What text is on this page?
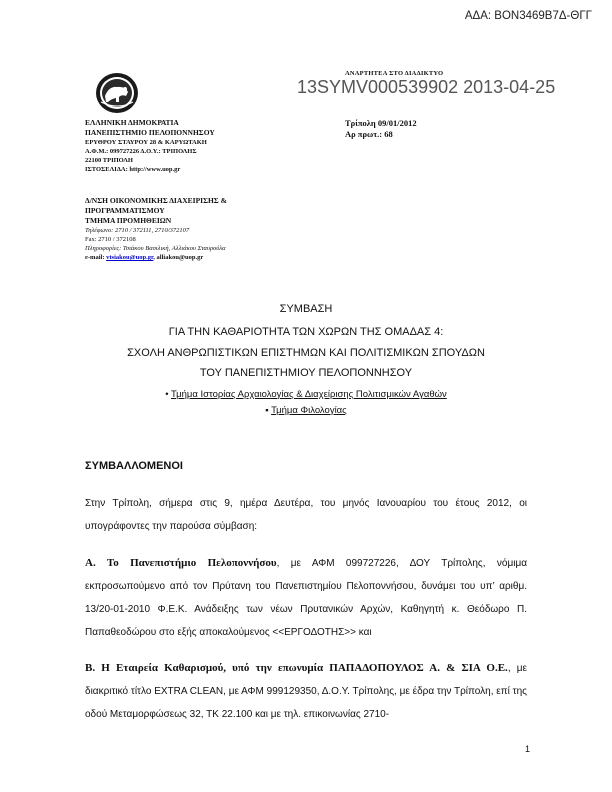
ΑΔΑ: ΒΟΝ3469Β7Δ-ΘΓΓ
ΑΝΑΡΤΗΤΕΑ ΣΤΟ ΔΙΑΔΙΚΤΥΟ
13SYMV000539902 2013-04-25
ΕΛΛΗΝΙΚΗ ΔΗΜΟΚΡΑΤΙΑ
ΠΑΝΕΠΙΣΤΗΜΙΟ ΠΕΛΟΠΟΝΝΗΣΟΥ
ΕΡΥΘΡΟΥ ΣΤΑΥΡΟΥ 28 & ΚΑΡΥΩΤΑΚΗ
Α.Φ.Μ.: 099727226 Δ.Ο.Υ.: ΤΡΙΠΟΛΗΣ
22100 ΤΡΙΠΟΛΗ
ΙΣΤΟΣΕΛΙΔΑ: http://www.uop.gr
Τρίπολη 09/01/2012
Αρ πρωτ.: 68
Δ/ΝΣΗ ΟΙΚΟΝΟΜΙΚΗΣ ΔΙΑΧΕΙΡΙΣΗΣ &
ΠΡΟΓΡΑΜΜΑΤΙΣΜΟΥ
ΤΜΗΜΑ ΠΡΟΜΗΘΕΙΩΝ
Τηλέφωνο: 2710 / 372111, 2710/372107
Fax: 2710 / 372108
Πληροφορίες: Τσιάκου Βασιλική, Αλλιάκου Σταυρούλα
e-mail: vtsiakou@uop.gr, alliakou@uop.gr
ΣΥΜΒΑΣΗ
ΓΙΑ ΤΗΝ ΚΑΘΑΡΙΟΤΗΤΑ ΤΩΝ ΧΩΡΩΝ ΤΗΣ ΟΜΑΔΑΣ 4:
ΣΧΟΛΗ ΑΝΘΡΩΠΙΣΤΙΚΩΝ ΕΠΙΣΤΗΜΩΝ ΚΑΙ ΠΟΛΙΤΙΣΜΙΚΩΝ ΣΠΟΥΔΩΝ
ΤΟΥ ΠΑΝΕΠΙΣΤΗΜΙΟΥ ΠΕΛΟΠΟΝΝΗΣΟΥ
• Τμήμα Ιστορίας Αρχαιολογίας & Διαχείρισης Πολιτισμικών Αγαθών
▪ Τμήμα Φιλολογίας
ΣΥΜΒΑΛΛΟΜΕΝΟΙ
Στην Τρίπολη, σήμερα στις 9, ημέρα Δευτέρα, του μηνός Ιανουαρίου του έτους 2012, οι υπογράφοντες την παρούσα σύμβαση:
Α. Το Πανεπιστήμιο Πελοποννήσου, με ΑΦΜ 099727226, ΔΟΥ Τρίπολης, νόμιμα εκπροσωπούμενο από τον Πρύτανη του Πανεπιστημίου Πελοποννήσου, δυνάμει του υπ’ αριθμ. 13/20-01-2010 Φ.Ε.Κ. Ανάδειξης των νέων Πρυτανικών Αρχών, Καθηγητή κ. Θεόδωρο Π. Παπαθεοδώρου στο εξής αποκαλούμενος <<ΕΡΓΟΔΟΤΗΣ>> και
Β. Η Εταιρεία Καθαρισμού, υπό την επωνυμία ΠΑΠΑΔΟΠΟΥΛΟΣ Α. & ΣΙΑ Ο.Ε., με διακριτικό τίτλο EXTRA CLEAN, με ΑΦΜ 999129350, Δ.Ο.Υ. Τρίπολης, με έδρα την Τρίπολη, επί της οδού Μεταμορφώσεως 32, ΤΚ 22.100 και με τηλ. επικοινωνίας 2710-
1
